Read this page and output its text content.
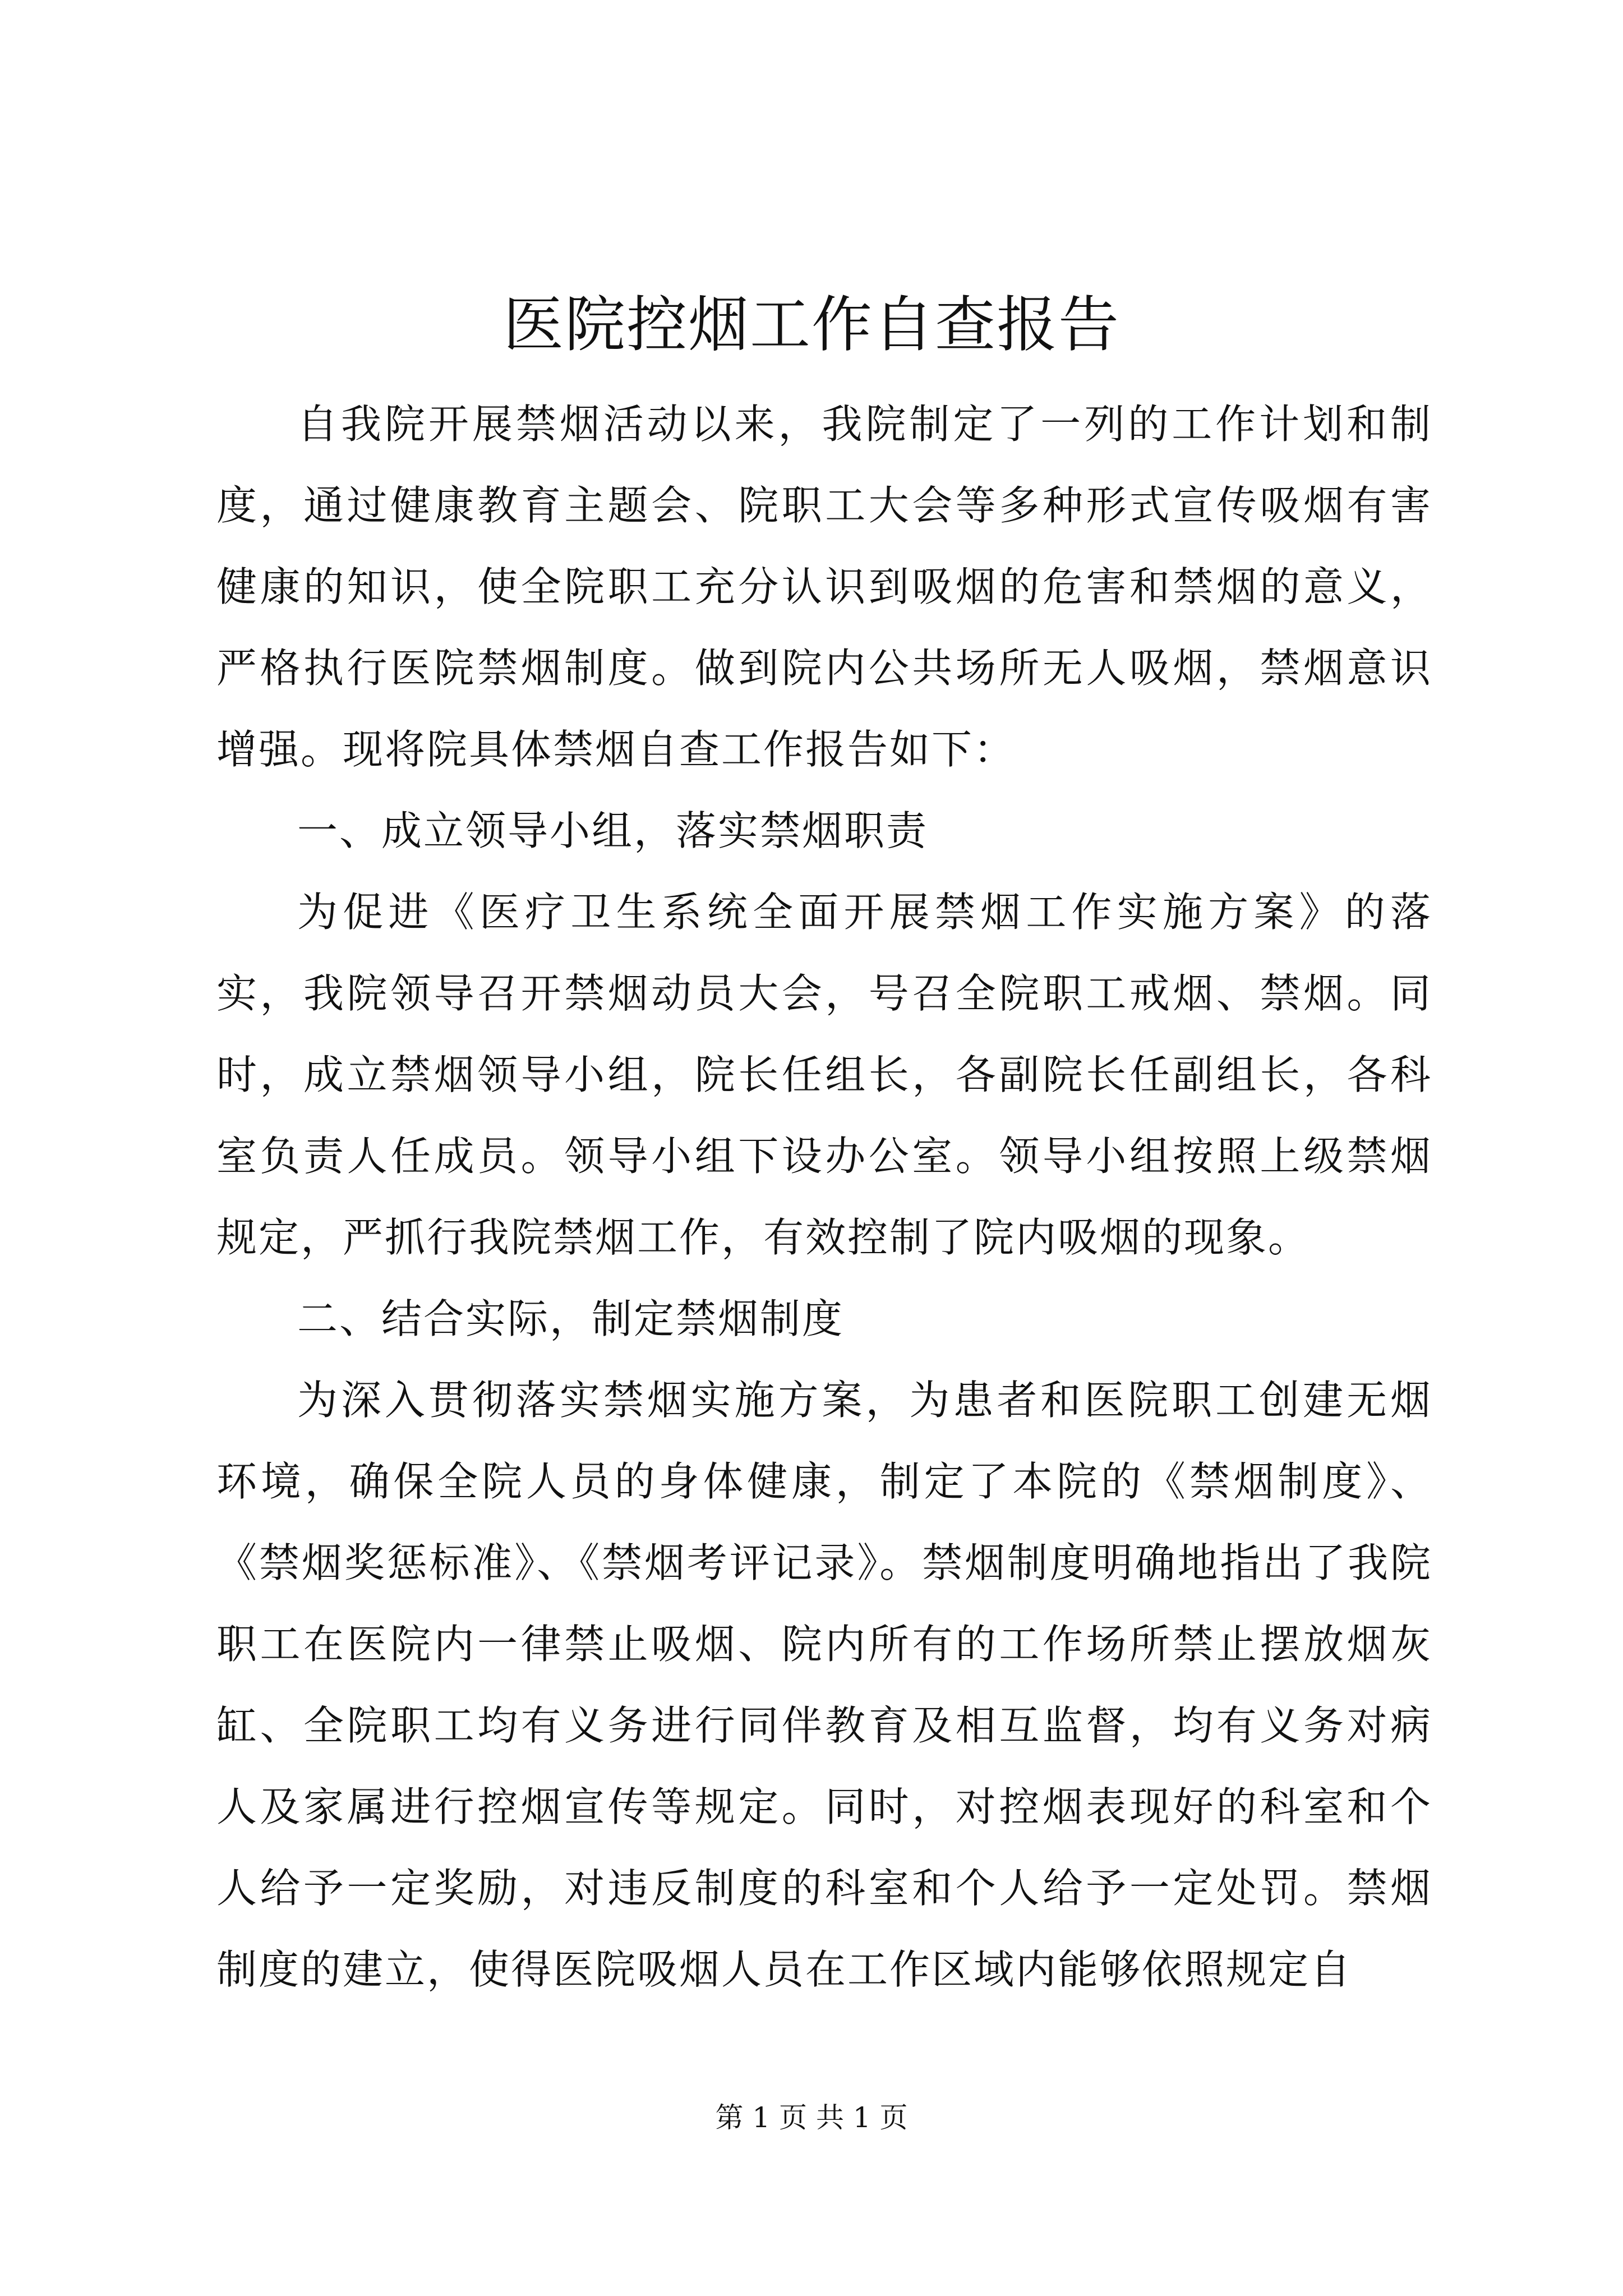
医院控烟工作自查报告

自我院开展禁烟活动以来，我院制定了一列的工作计划和制度，通过健康教育主题会、院职工大会等多种形式宣传吸烟有害健康的知识，使全院职工充分认识到吸烟的危害和禁烟的意义，严格执行医院禁烟制度。做到院内公共场所无人吸烟，禁烟意识增强。现将院具体禁烟自查工作报告如下：

一、成立领导小组，落实禁烟职责

为促进《医疗卫生系统全面开展禁烟工作实施方案》的落实，我院领导召开禁烟动员大会，号召全院职工戒烟、禁烟。同时，成立禁烟领导小组，院长任组长，各副院长任副组长，各科室负责人任成员。领导小组下设办公室。领导小组按照上级禁烟规定，严抓行我院禁烟工作，有效控制了院内吸烟的现象。

二、结合实际，制定禁烟制度

为深入贯彻落实禁烟实施方案，为患者和医院职工创建无烟环境，确保全院人员的身体健康，制定了本院的《禁烟制度》、《禁烟奖惩标准》、《禁烟考评记录》。禁烟制度明确地指出了我院职工在医院内一律禁止吸烟、院内所有的工作场所禁止摆放烟灰缸、全院职工均有义务进行同伴教育及相互监督，均有义务对病人及家属进行控烟宣传等规定。同时，对控烟表现好的科室和个人给予一定奖励，对违反制度的科室和个人给予一定处罚。禁烟制度的建立，使得医院吸烟人员在工作区域内能够依照规定自

第 1 页 共 1 页
